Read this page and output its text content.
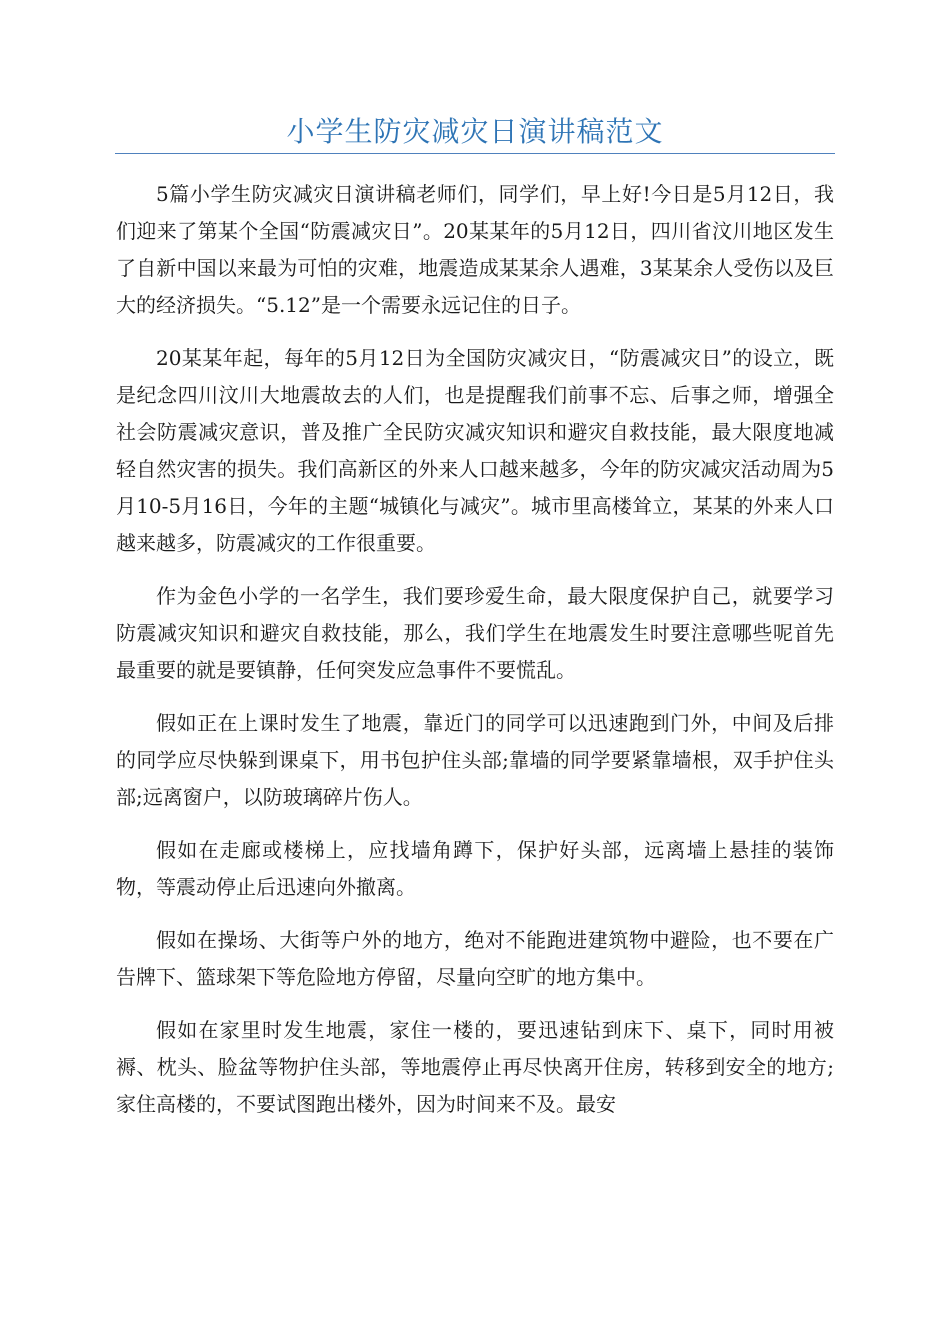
小学生防灾减灾日演讲稿范文

5篇小学生防灾减灾日演讲稿老师们，同学们，早上好!今日是5月12日，我们迎来了第某个全国“防震减灾日”。20某某年的5月12日，四川省汶川地区发生了自新中国以来最为可怕的灾难，地震造成某某余人遇难，3某某余人受伤以及巨大的经济损失。“5.12”是一个需要永远记住的日子。

20某某年起，每年的5月12日为全国防灾减灾日，“防震减灾日”的设立，既是纪念四川汶川大地震故去的人们，也是提醒我们前事不忘、后事之师，增强全社会防震减灾意识，普及推广全民防灾减灾知识和避灾自救技能，最大限度地减轻自然灾害的损失。我们高新区的外来人口越来越多，今年的防灾减灾活动周为5月10-5月16日，今年的主题“城镇化与减灾”。城市里高楼耸立，某某的外来人口越来越多，防震减灾的工作很重要。

作为金色小学的一名学生，我们要珍爱生命，最大限度保护自己，就要学习防震减灾知识和避灾自救技能，那么，我们学生在地震发生时要注意哪些呢首先最重要的就是要镇静，任何突发应急事件不要慌乱。

假如正在上课时发生了地震，靠近门的同学可以迅速跑到门外，中间及后排的同学应尽快躲到课桌下，用书包护住头部;靠墙的同学要紧靠墙根，双手护住头部;远离窗户，以防玻璃碎片伤人。

假如在走廊或楼梯上，应找墙角蹲下，保护好头部，远离墙上悬挂的装饰物，等震动停止后迅速向外撤离。

假如在操场、大街等户外的地方，绝对不能跑进建筑物中避险，也不要在广告牌下、篮球架下等危险地方停留，尽量向空旷的地方集中。

假如在家里时发生地震，家住一楼的，要迅速钻到床下、桌下，同时用被褥、枕头、脸盆等物护住头部，等地震停止再尽快离开住房，转移到安全的地方;家住高楼的，不要试图跑出楼外，因为时间来不及。最安
